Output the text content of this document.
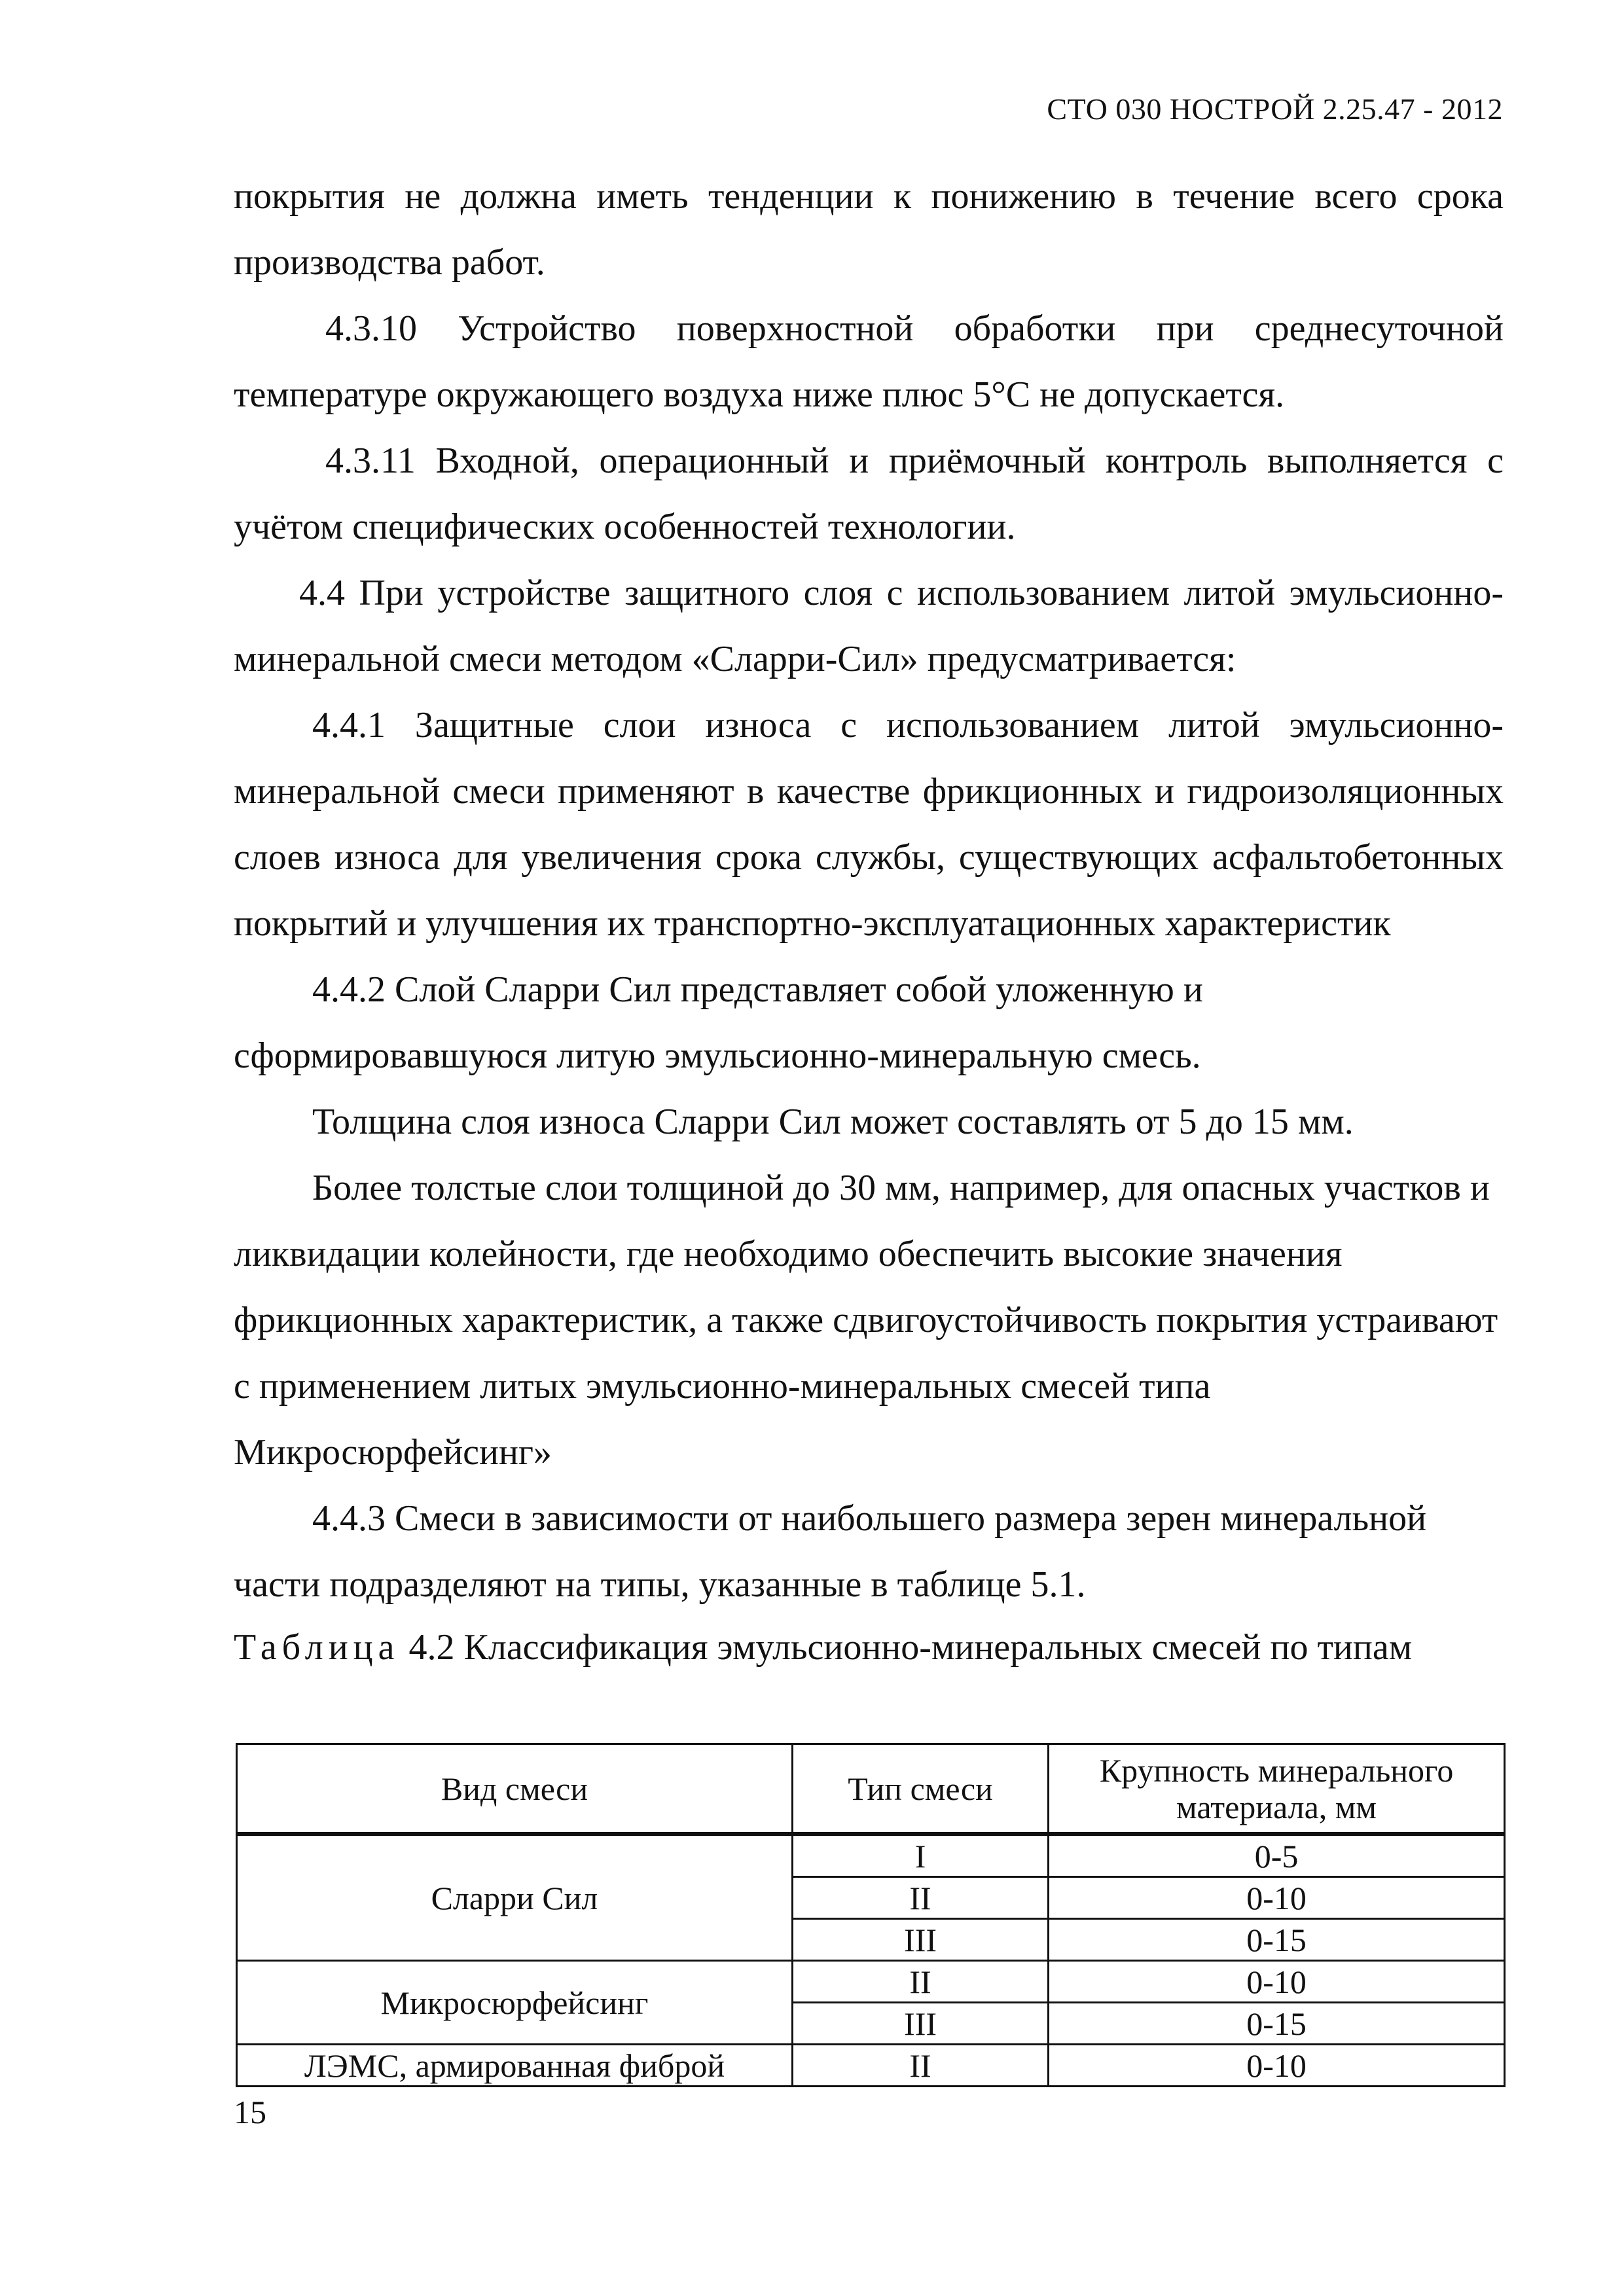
СТО 030 НОСТРОЙ 2.25.47 - 2012

покрытия не должна иметь тенденции к понижению в течение всего срока производства работ.

4.3.10 Устройство поверхностной обработки при среднесуточной температуре окружающего воздуха ниже плюс 5°С не допускается.

4.3.11 Входной, операционный и приёмочный контроль выполняется с учётом специфических особенностей технологии.

4.4 При устройстве защитного слоя с использованием литой эмульсионно-минеральной смеси методом «Сларри-Сил» предусматривается:

4.4.1 Защитные слои износа с использованием литой эмульсионно-минеральной смеси применяют в качестве фрикционных и гидроизоляционных слоев износа для увеличения срока службы, существующих асфальтобетонных покрытий и улучшения их транспортно-эксплуатационных характеристик

4.4.2 Слой Сларри Сил представляет собой уложенную и сформировавшуюся литую эмульсионно-минеральную смесь.

Толщина слоя износа Сларри Сил может составлять от 5 до 15 мм.

Более толстые слои толщиной до 30 мм, например, для опасных участков и ликвидации колейности, где необходимо обеспечить высокие значения фрикционных характеристик, а также сдвигоустойчивость покрытия устраивают с применением литых эмульсионно-минеральных смесей типа Микросюрфейсинг»

4.4.3 Смеси в зависимости от наибольшего размера зерен минеральной части подразделяют на типы, указанные в таблице 5.1.

Таблица 4.2 Классификация эмульсионно-минеральных смесей по типам

Вид смеси	Тип смеси	Крупность минерального материала, мм
Сларри Сил	I	0-5
	II	0-10
	III	0-15
Микросюрфейсинг	II	0-10
	III	0-15
ЛЭМС, армированная фиброй	II	0-10
15
